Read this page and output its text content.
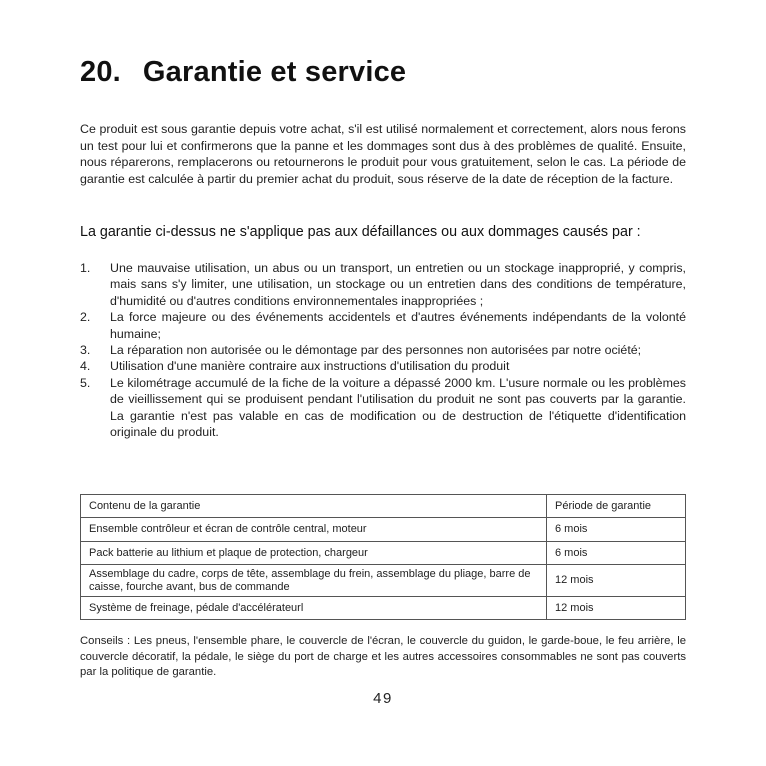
20. Garantie et service

Ce produit est sous garantie depuis votre achat, s'il est utilisé normalement et correctement, alors nous ferons un test pour lui et confirmerons que la panne et les dommages sont dus à des problèmes de qualité. Ensuite, nous réparerons, remplacerons ou retournerons le produit pour vous gratuitement, selon le cas. La période de garantie est calculée à partir du premier achat du produit, sous réserve de la date de réception de la facture.

La garantie ci-dessus ne s'applique pas aux défaillances ou aux dommages causés par :

1. Une mauvaise utilisation, un abus ou un transport, un entretien ou un stockage inapproprié, y compris, mais sans s'y limiter, une utilisation, un stockage ou un entretien dans des conditions de température, d'humidité ou d'autres conditions environnementales inappropriées ;
2. La force majeure ou des événements accidentels et d'autres événements indépendants de la volonté humaine;
3. La réparation non autorisée ou le démontage par des personnes non autorisées par notre ociété;
4. Utilisation d'une manière contraire aux instructions d'utilisation du produit
5. Le kilométrage accumulé de la fiche de la voiture a dépassé 2000 km. L'usure normale ou les problèmes de vieillissement qui se produisent pendant l'utilisation du produit ne sont pas couverts par la garantie. La garantie n'est pas valable en cas de modification ou de destruction de l'étiquette d'identification originale du produit.
Contenu de la garantie	Période de garantie
Ensemble contrôleur et écran de contrôle central, moteur	6 mois
Pack batterie au lithium et plaque de protection, chargeur	6 mois
Assemblage du cadre, corps de tête, assemblage du frein, assemblage du pliage, barre de caisse, fourche avant, bus de commande	12 mois
Système de freinage, pédale d'accélérateurl	12 mois

Conseils : Les pneus, l'ensemble phare, le couvercle de l'écran, le couvercle du guidon, le garde-boue, le feu arrière, le couvercle décoratif, la pédale, le siège du port de charge et les autres accessoires consommables ne sont pas couverts par la politique de garantie.

49
